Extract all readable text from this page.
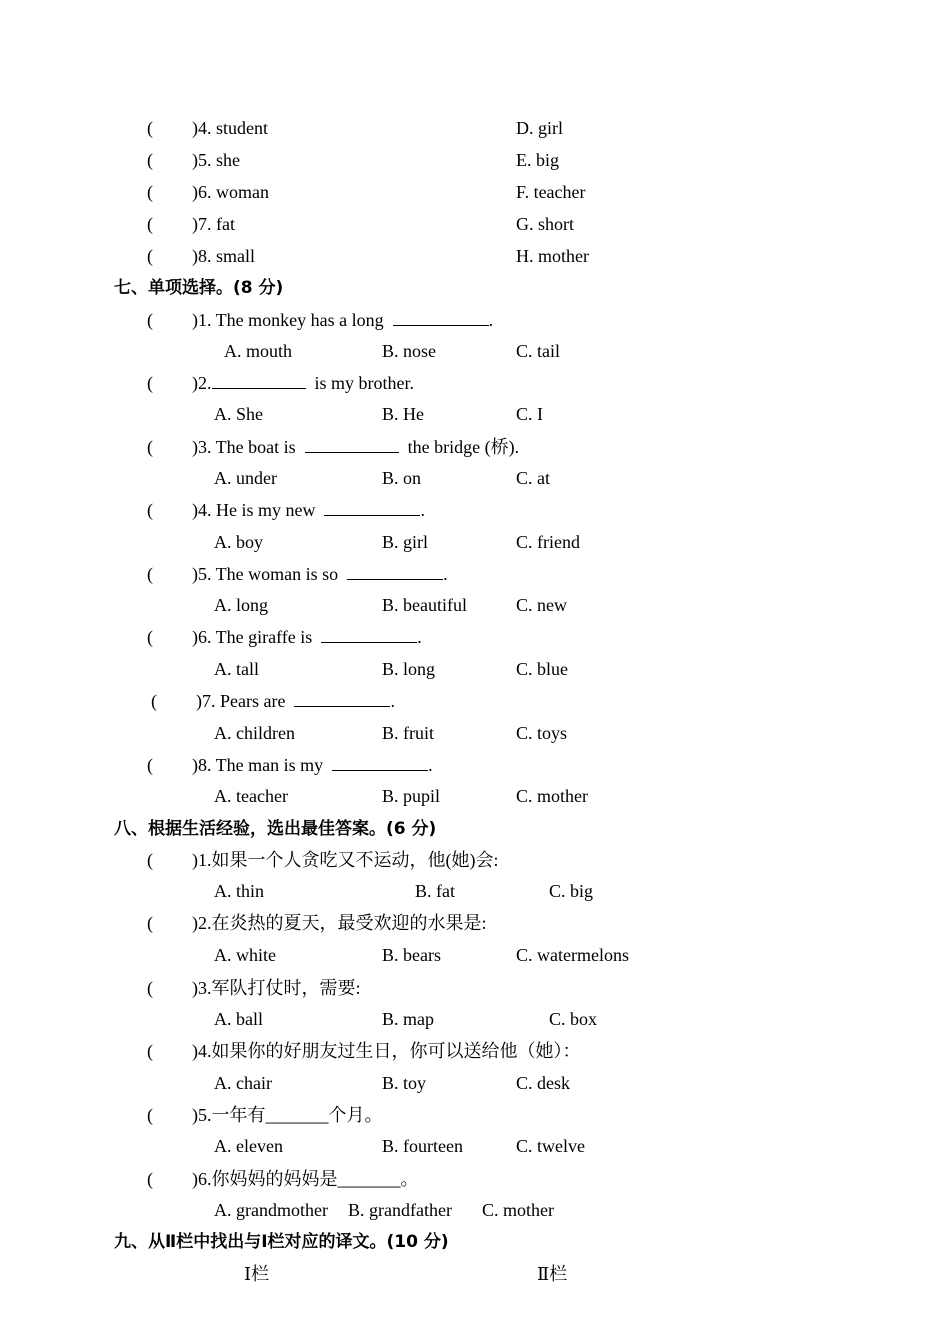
( )4. student	D. girl
( )5. she	E. big
( )6. woman	F. teacher
( )7. fat	G. short
( )8. small	H. mother
七、单项选择。(8 分)
( )1. The monkey has a long	.
A. mouth	B. nose	C. tail
( )2.	is my brother.
A. She	B. He	C. I
( )3. The boat is	the bridge (桥).
A. under	B. on	C. at
( )4. He is my new	.
A. boy	B. girl	C. friend
( )5. The woman is so	.
A. long	B. beautiful	C. new
( )6. The giraffe is	.
A. tall	B. long	C. blue
( )7. Pears are	.
A. children	B. fruit	C. toys
( )8. The man is my	.
A. teacher	B. pupil	C. mother
八、根据生活经验，选出最佳答案。(6 分)
( )1.如果一个人贪吃又不运动，他(她)会:
A. thin	B. fat	C. big
( )2.在炎热的夏天，最受欢迎的水果是:
A. white	B. bears	C. watermelons
( )3.军队打仗时，需要:
A. ball	B. map	C. box
( )4.如果你的好朋友过生日，你可以送给他（她）：
A. chair	B. toy	C. desk
( )5.一年有_______个月。
A. eleven	B. fourteen	C. twelve
( )6.你妈妈的妈妈是_______。
A. grandmother B. grandfather C. mother
九、从Ⅱ栏中找出与Ⅰ栏对应的译文。(10 分)
Ⅰ栏	Ⅱ栏
